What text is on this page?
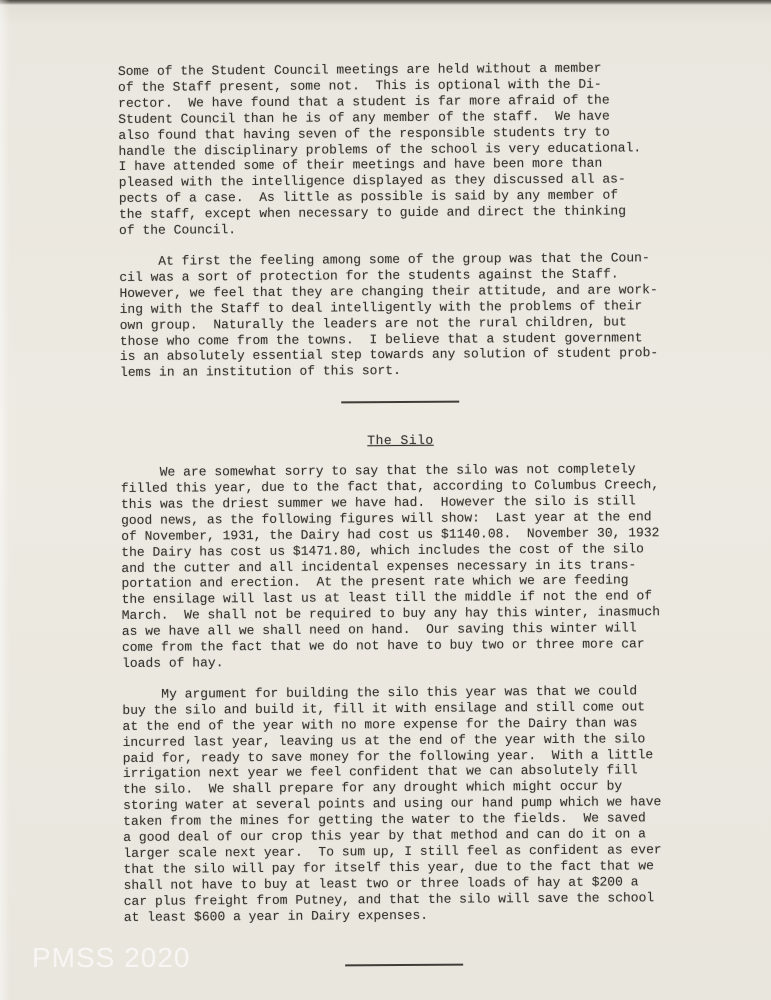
Some of the Student Council meetings are held without a member
of the Staff present, some not.  This is optional with the Di-
rector.  We have found that a student is far more afraid of the
Student Council than he is of any member of the staff.  We have
also found that having seven of the responsible students try to
handle the disciplinary problems of the school is very educational.
I have attended some of their meetings and have been more than
pleased with the intelligence displayed as they discussed all as-
pects of a case.  As little as possible is said by any member of
the staff, except when necessary to guide and direct the thinking
of the Council.

At first the feeling among some of the group was that the Coun-
cil was a sort of protection for the students against the Staff.
However, we feel that they are changing their attitude, and are work-
ing with the Staff to deal intelligently with the problems of their
own group.  Naturally the leaders are not the rural children, but
those who come from the towns.  I believe that a student government
is an absolutely essential step towards any solution of student prob-
lems in an institution of this sort.

The Silo

We are somewhat sorry to say that the silo was not completely
filled this year, due to the fact that, according to Columbus Creech,
this was the driest summer we have had.  However the silo is still
good news, as the following figures will show:  Last year at the end
of November, 1931, the Dairy had cost us $1140.08.  November 30, 1932
the Dairy has cost us $1471.80, which includes the cost of the silo
and the cutter and all incidental expenses necessary in its trans-
portation and erection.  At the present rate which we are feeding
the ensilage will last us at least till the middle if not the end of
March.  We shall not be required to buy any hay this winter, inasmuch
as we have all we shall need on hand.  Our saving this winter will
come from the fact that we do not have to buy two or three more car
loads of hay.

My argument for building the silo this year was that we could
buy the silo and build it, fill it with ensilage and still come out
at the end of the year with no more expense for the Dairy than was
incurred last year, leaving us at the end of the year with the silo
paid for, ready to save money for the following year.  With a little
irrigation next year we feel confident that we can absolutely fill
the silo.  We shall prepare for any drought which might occur by
storing water at several points and using our hand pump which we have
taken from the mines for getting the water to the fields.  We saved
a good deal of our crop this year by that method and can do it on a
larger scale next year.  To sum up, I still feel as confident as ever
that the silo will pay for itself this year, due to the fact that we
shall not have to buy at least two or three loads of hay at $200 a
car plus freight from Putney, and that the silo will save the school
at least $600 a year in Dairy expenses.

PMSS 2020
